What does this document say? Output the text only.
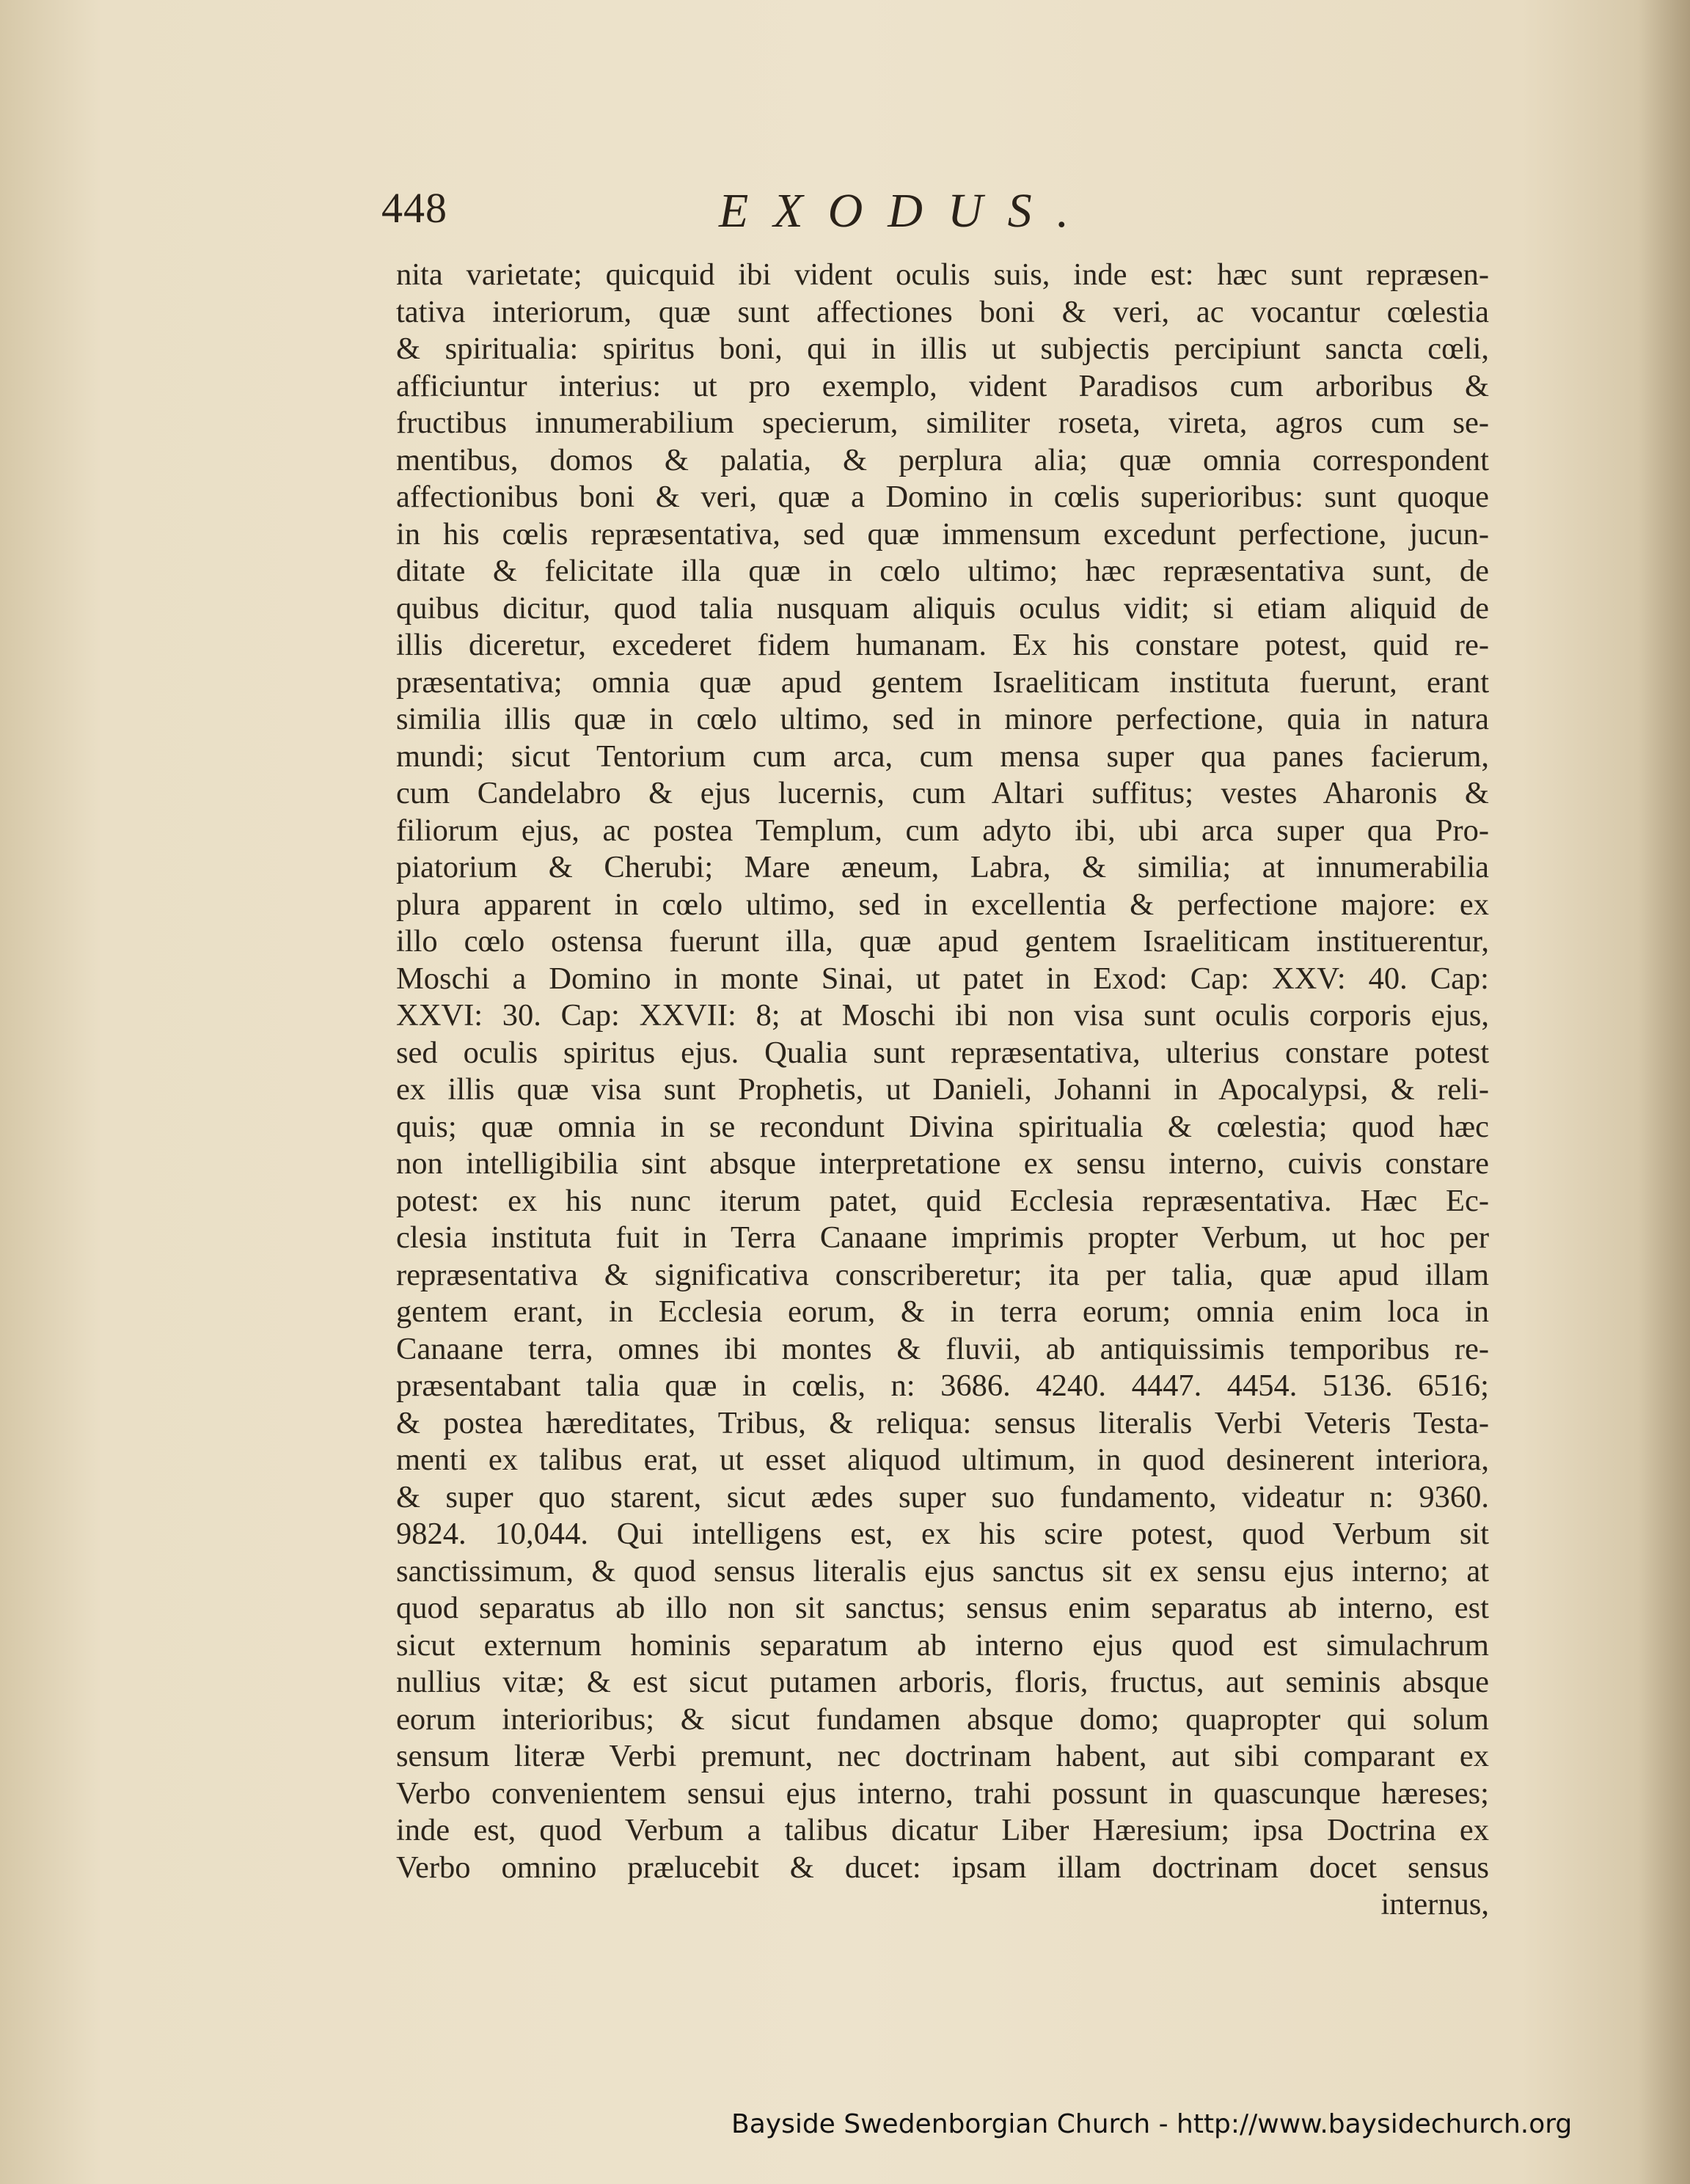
448	EXODUS.
nita varietate; quicquid ibi vident oculis suis, inde est: hæc sunt repræsen-
tativa interiorum, quæ sunt affectiones boni & veri, ac vocantur cœlestia
& spiritualia: spiritus boni, qui in illis ut subjectis percipiunt sancta cœli,
afficiuntur interius: ut pro exemplo, vident Paradisos cum arboribus &
fructibus innumerabilium specierum, similiter roseta, vireta, agros cum se-
mentibus, domos & palatia, & perplura alia; quæ omnia correspondent
affectionibus boni & veri, quæ a Domino in cœlis superioribus: sunt quoque
in his cœlis repræsentativa, sed quæ immensum excedunt perfectione, jucun-
ditate & felicitate illa quæ in cœlo ultimo; hæc repræsentativa sunt, de
quibus dicitur, quod talia nusquam aliquis oculus vidit; si etiam aliquid de
illis diceretur, excederet fidem humanam. Ex his constare potest, quid re-
præsentativa; omnia quæ apud gentem Israeliticam instituta fuerunt, erant
similia illis quæ in cœlo ultimo, sed in minore perfectione, quia in natura
mundi; sicut Tentorium cum arca, cum mensa super qua panes facierum,
cum Candelabro & ejus lucernis, cum Altari suffitus; vestes Aharonis &
filiorum ejus, ac postea Templum, cum adyto ibi, ubi arca super qua Pro-
piatorium & Cherubi; Mare æneum, Labra, & similia; at innumerabilia
plura apparent in cœlo ultimo, sed in excellentia & perfectione majore: ex
illo cœlo ostensa fuerunt illa, quæ apud gentem Israeliticam instituerentur,
Moschi a Domino in monte Sinai, ut patet in Exod: Cap: XXV: 40. Cap:
XXVI: 30. Cap: XXVII: 8; at Moschi ibi non visa sunt oculis corporis ejus,
sed oculis spiritus ejus. Qualia sunt repræsentativa, ulterius constare potest
ex illis quæ visa sunt Prophetis, ut Danieli, Johanni in Apocalypsi, & reli-
quis; quæ omnia in se recondunt Divina spiritualia & cœlestia; quod hæc
non intelligibilia sint absque interpretatione ex sensu interno, cuivis constare
potest: ex his nunc iterum patet, quid Ecclesia repræsentativa. Hæc Ec-
clesia instituta fuit in Terra Canaane imprimis propter Verbum, ut hoc per
repræsentativa & significativa conscriberetur; ita per talia, quæ apud illam
gentem erant, in Ecclesia eorum, & in terra eorum; omnia enim loca in
Canaane terra, omnes ibi montes & fluvii, ab antiquissimis temporibus re-
præsentabant talia quæ in cœlis, n: 3686. 4240. 4447. 4454. 5136. 6516;
& postea hæreditates, Tribus, & reliqua: sensus literalis Verbi Veteris Testa-
menti ex talibus erat, ut esset aliquod ultimum, in quod desinerent interiora,
& super quo starent, sicut ædes super suo fundamento, videatur n: 9360.
9824. 10,044. Qui intelligens est, ex his scire potest, quod Verbum sit
sanctissimum, & quod sensus literalis ejus sanctus sit ex sensu ejus interno; at
quod separatus ab illo non sit sanctus; sensus enim separatus ab interno, est
sicut externum hominis separatum ab interno ejus quod est simulachrum
nullius vitæ; & est sicut putamen arboris, floris, fructus, aut seminis absque
eorum interioribus; & sicut fundamen absque domo; quapropter qui solum
sensum literæ Verbi premunt, nec doctrinam habent, aut sibi comparant ex
Verbo convenientem sensui ejus interno, trahi possunt in quascunque hæreses;
inde est, quod Verbum a talibus dicatur Liber Hæresium; ipsa Doctrina ex
Verbo omnino prælucebit & ducet: ipsam illam doctrinam docet sensus
internus,
Bayside Swedenborgian Church - http://www.baysidechurch.org
